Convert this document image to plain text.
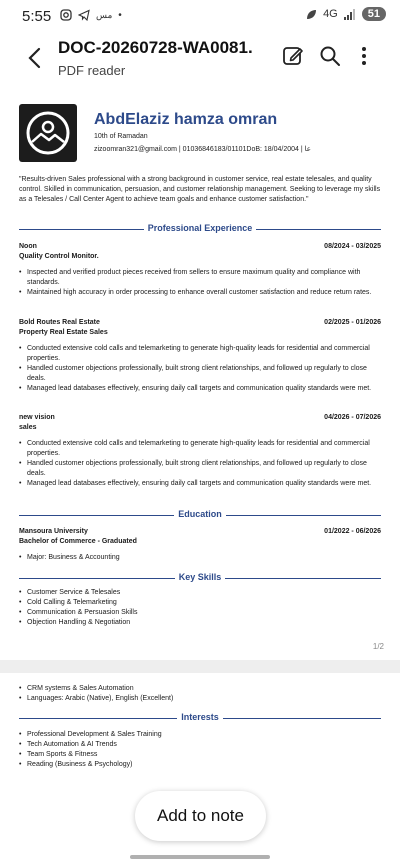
5:55	مس •	4G	51
DOC-20260728-WA0081.
PDF reader
AbdElaziz hamza omran
10th of Ramadan
zizoomran321@gmail.com | 01036846183/01101DoB: 18/04/2004 | عا
"Results-driven Sales professional with a strong background in customer service, real estate telesales, and quality control. Skilled in communication, persuasion, and customer relationship management. Seeking to leverage my skills as a Telesales / Call Center Agent to achieve team goals and enhance customer satisfaction."
Professional Experience
Noon	08/2024 - 03/2025
Quality Control Monitor.
• Inspected and verified product pieces received from sellers to ensure maximum quality and compliance with standards.
• Maintained high accuracy in order processing to enhance overall customer satisfaction and reduce return rates.
Bold Routes Real Estate	02/2025 - 01/2026
Property Real Estate Sales
• Conducted extensive cold calls and telemarketing to generate high-quality leads for residential and commercial properties.
• Handled customer objections professionally, built strong client relationships, and followed up regularly to close deals.
• Managed lead databases effectively, ensuring daily call targets and communication quality standards were met.
new vision	04/2026 - 07/2026
sales
• Conducted extensive cold calls and telemarketing to generate high-quality leads for residential and commercial properties.
• Handled customer objections professionally, built strong client relationships, and followed up regularly to close deals.
• Managed lead databases effectively, ensuring daily call targets and communication quality standards were met.
Education
Mansoura University	01/2022 - 06/2026
Bachelor of Commerce - Graduated
• Major: Business & Accounting
Key Skills
• Customer Service & Telesales
• Cold Calling & Telemarketing
• Communication & Persuasion Skills
• Objection Handling & Negotiation
1/2
• CRM systems & Sales Automation
• Languages: Arabic (Native), English (Excellent)
Interests
• Professional Development & Sales Training
• Tech Automation & AI Trends
• Team Sports & Fitness
• Reading (Business & Psychology)
Add to note
